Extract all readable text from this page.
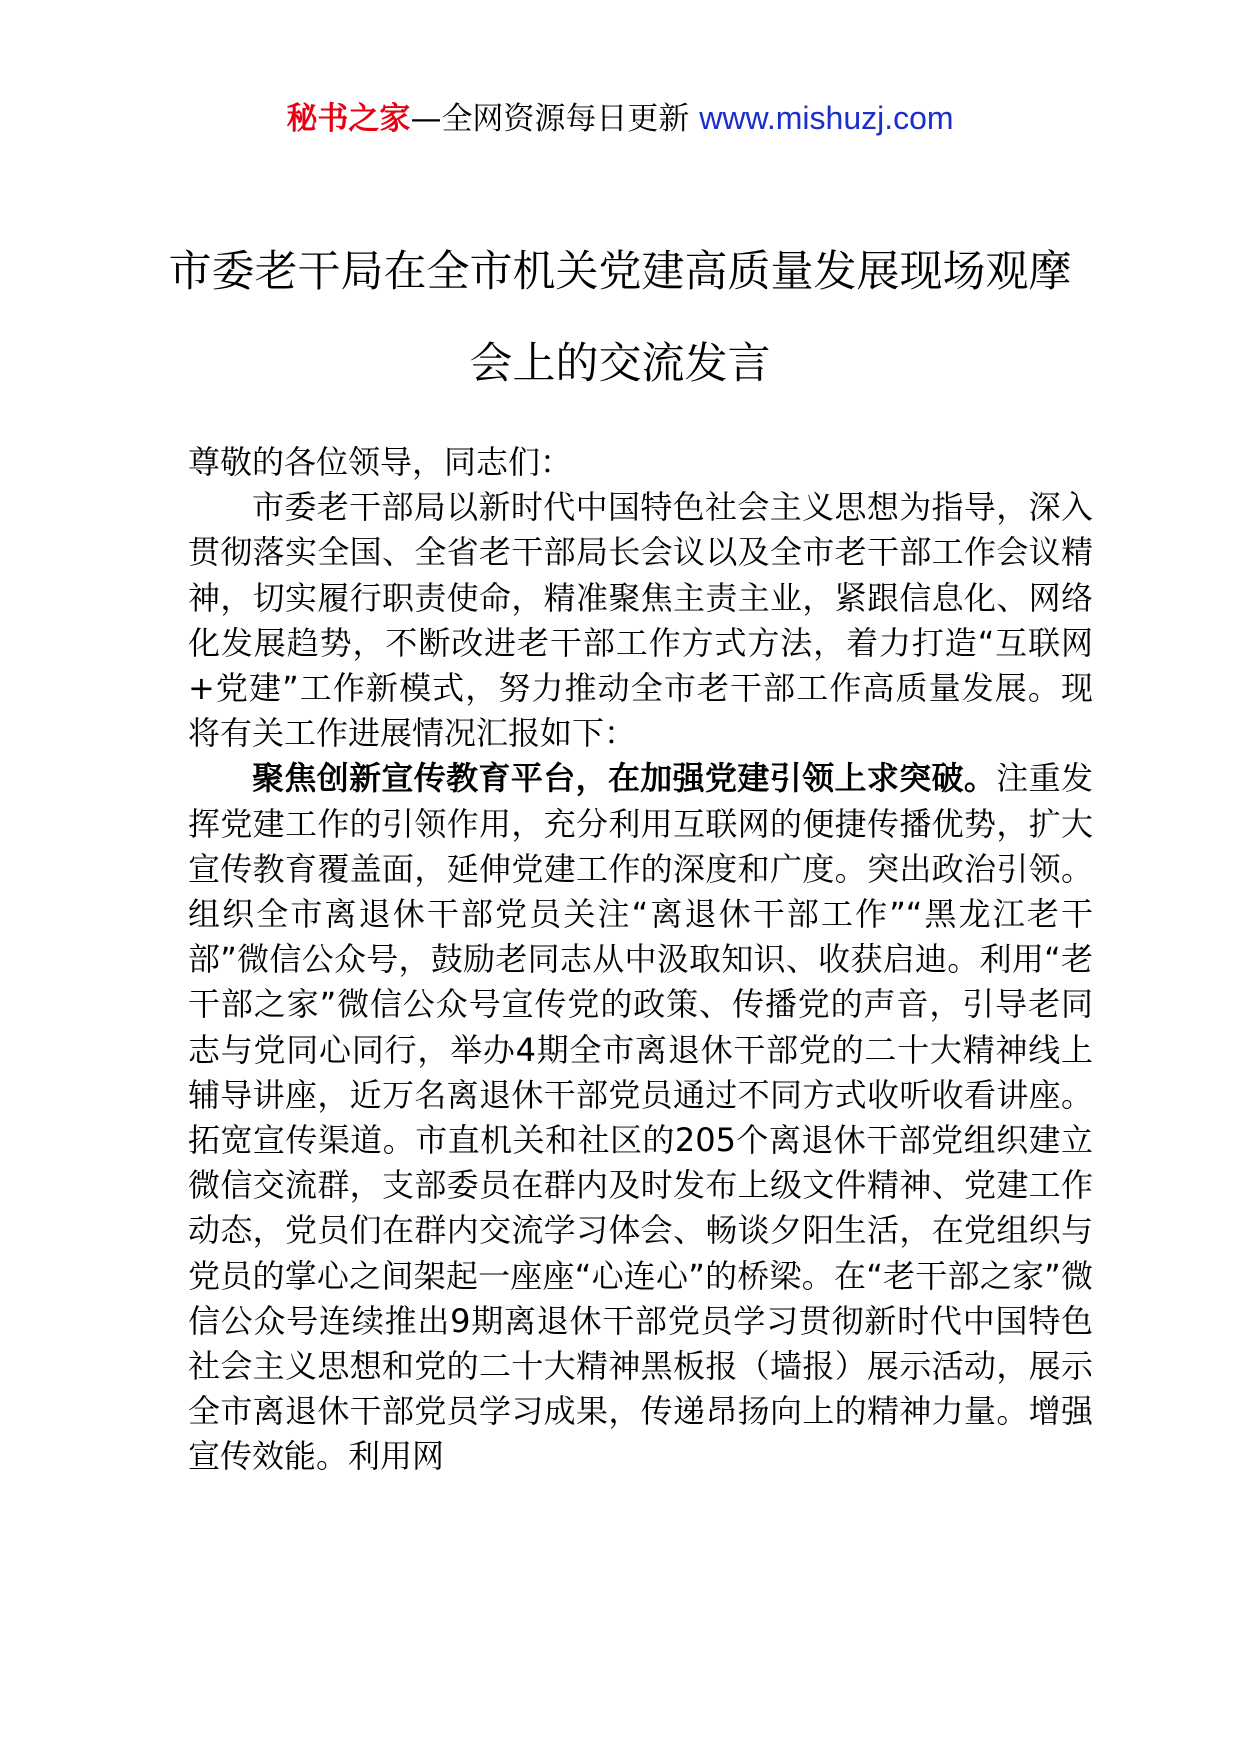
秘书之家—全网资源每日更新 www.mishuzj.com
市委老干局在全市机关党建高质量发展现场观摩会上的交流发言

尊敬的各位领导，同志们：

市委老干部局以新时代中国特色社会主义思想为指导，深入贯彻落实全国、全省老干部局长会议以及全市老干部工作会议精神，切实履行职责使命，精准聚焦主责主业，紧跟信息化、网络化发展趋势，不断改进老干部工作方式方法，着力打造“互联网+党建”工作新模式，努力推动全市老干部工作高质量发展。现将有关工作进展情况汇报如下：

聚焦创新宣传教育平台，在加强党建引领上求突破。注重发挥党建工作的引领作用，充分利用互联网的便捷传播优势，扩大宣传教育覆盖面，延伸党建工作的深度和广度。突出政治引领。组织全市离退休干部党员关注“离退休干部工作”“黑龙江老干部”微信公众号，鼓励老同志从中汲取知识、收获启迪。利用“老干部之家”微信公众号宣传党的政策、传播党的声音，引导老同志与党同心同行，举办4期全市离退休干部党的二十大精神线上辅导讲座，近万名离退休干部党员通过不同方式收听收看讲座。拓宽宣传渠道。市直机关和社区的205个离退休干部党组织建立微信交流群，支部委员在群内及时发布上级文件精神、党建工作动态，党员们在群内交流学习体会、畅谈夕阳生活，在党组织与党员的掌心之间架起一座座“心连心”的桥梁。在“老干部之家”微信公众号连续推出9期离退休干部党员学习贯彻新时代中国特色社会主义思想和党的二十大精神黑板报（墙报）展示活动，展示全市离退休干部党员学习成果，传递昂扬向上的精神力量。增强宣传效能。利用网
